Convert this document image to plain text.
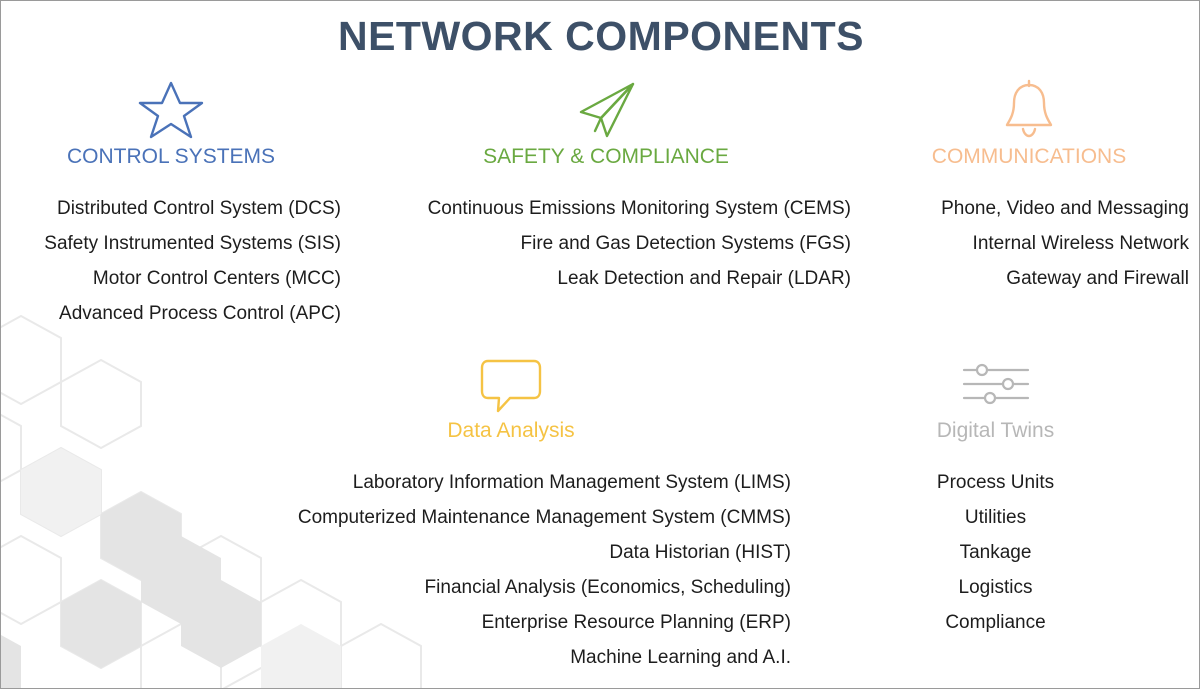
NETWORK COMPONENTS
CONTROL SYSTEMS
Distributed Control System (DCS)
Safety Instrumented Systems (SIS)
Motor Control Centers (MCC)
Advanced Process Control (APC)
SAFETY & COMPLIANCE
Continuous Emissions Monitoring System (CEMS)
Fire and Gas Detection Systems (FGS)
Leak Detection and Repair (LDAR)
COMMUNICATIONS
Phone, Video and Messaging
Internal Wireless Network
Gateway and Firewall
Data Analysis
Laboratory Information Management System (LIMS)
Computerized Maintenance Management System (CMMS)
Data Historian (HIST)
Financial Analysis (Economics, Scheduling)
Enterprise Resource Planning (ERP)
Machine Learning and A.I.
Digital Twins
Process Units
Utilities
Tankage
Logistics
Compliance
